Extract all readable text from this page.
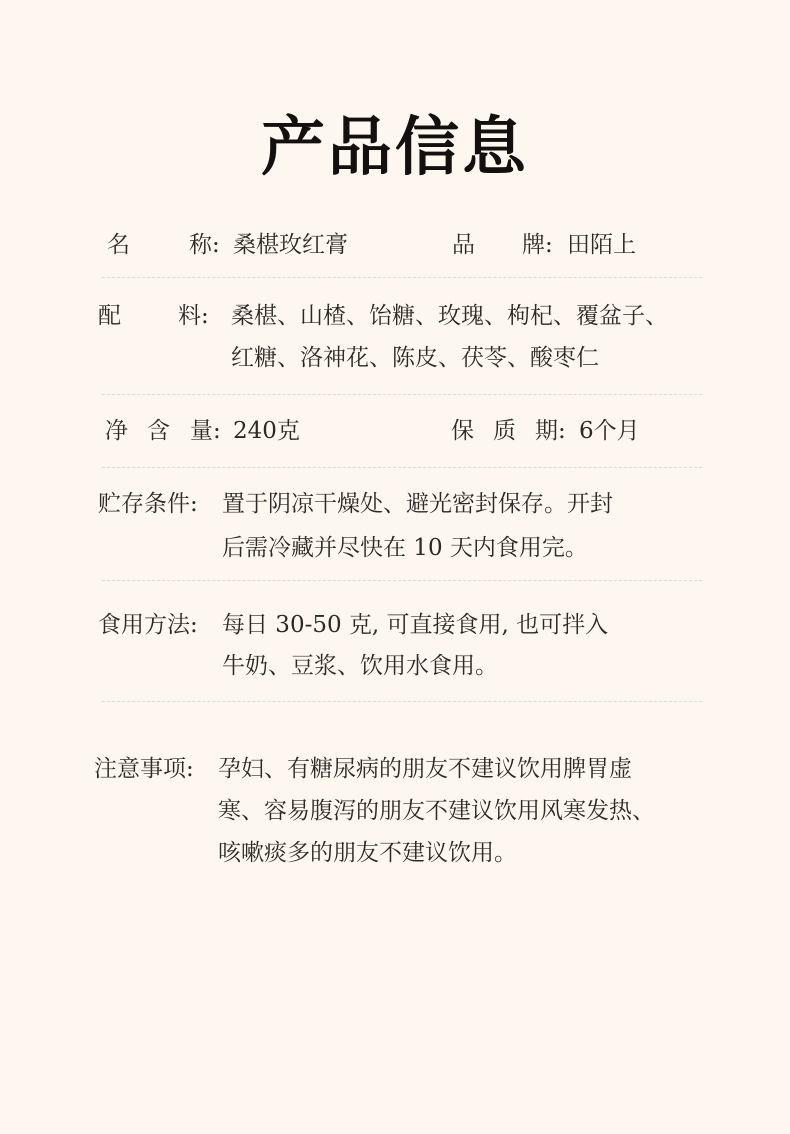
产品信息
名	称: 桑椹玫红膏	品 牌: 田陌上
配 料: 桑椹、山楂、饴糖、玫瑰、枸杞、覆盆子、
红糖、洛神花、陈皮、茯苓、酸枣仁
净 含 量: 240克	保 质 期: 6个月
贮存条件: 置于阴凉干燥处、避光密封保存。开封
后需冷藏并尽快在 10 天内食用完。
食用方法: 每日 30-50 克, 可直接食用, 也可拌入
牛奶、豆浆、饮用水食用。
注意事项: 孕妇、有糖尿病的朋友不建议饮用脾胃虚
寒、容易腹泻的朋友不建议饮用风寒发热、
咳嗽痰多的朋友不建议饮用。
